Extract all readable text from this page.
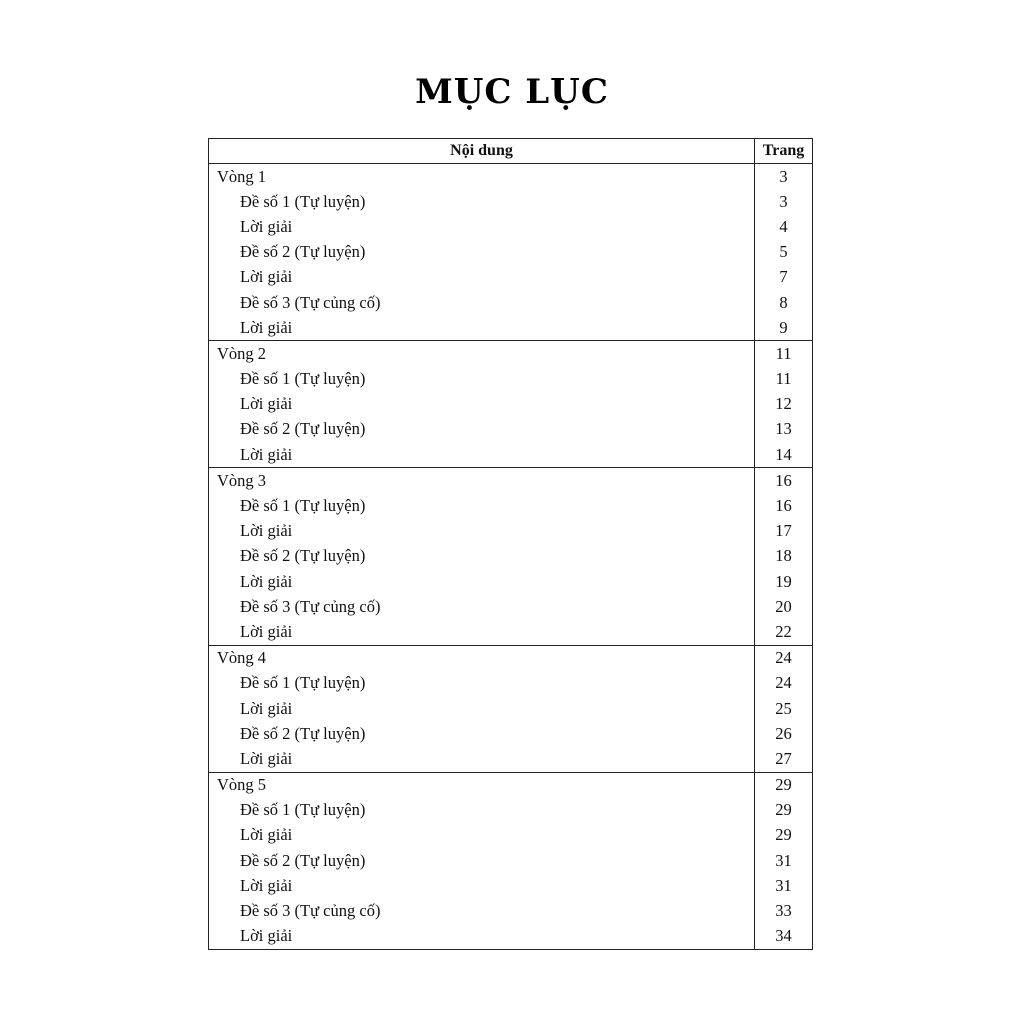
MỤC LỤC
Nội dung	Trang
Vòng 1	3
Đề số 1 (Tự luyện)	3
Lời giải	4
Đề số 2 (Tự luyện)	5
Lời giải	7
Đề số 3 (Tự củng cố)	8
Lời giải	9
Vòng 2	11
Đề số 1 (Tự luyện)	11
Lời giải	12
Đề số 2 (Tự luyện)	13
Lời giải	14
Vòng 3	16
Đề số 1 (Tự luyện)	16
Lời giải	17
Đề số 2 (Tự luyện)	18
Lời giải	19
Đề số 3 (Tự củng cố)	20
Lời giải	22
Vòng 4	24
Đề số 1 (Tự luyện)	24
Lời giải	25
Đề số 2 (Tự luyện)	26
Lời giải	27
Vòng 5	29
Đề số 1 (Tự luyện)	29
Lời giải	29
Đề số 2 (Tự luyện)	31
Lời giải	31
Đề số 3 (Tự củng cố)	33
Lời giải	34
